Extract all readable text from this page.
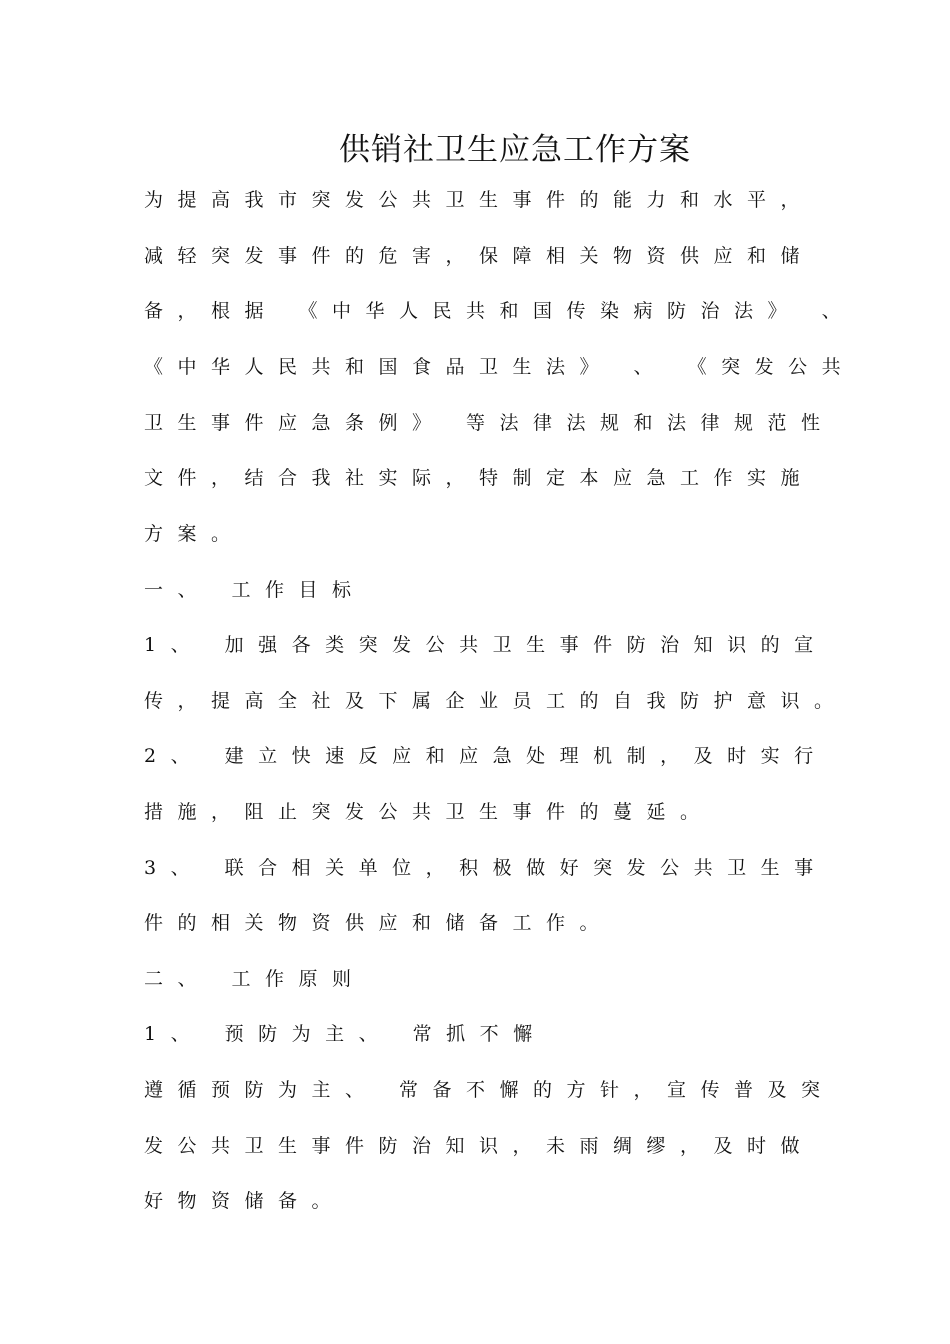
供销社卫生应急工作方案
为提高我市突发公共卫生事件的能力和水平，
减轻突发事件的危害，保障相关物资供应和储
备，根据 《中华人民共和国传染病防治法》 、
《中华人民共和国食品卫生法》 、 《突发公共
卫生事件应急条例》 等法律法规和法律规范性
文件，结合我社实际，特制定本应急工作实施
方案。
一、 工作目标
1、 加强各类突发公共卫生事件防治知识的宣
传，提高全社及下属企业员工的自我防护意识。
2、 建立快速反应和应急处理机制，及时实行
措施，阻止突发公共卫生事件的蔓延。
3、 联合相关单位，积极做好突发公共卫生事
件的相关物资供应和储备工作。
二、 工作原则
1、 预防为主、 常抓不懈
遵循预防为主、 常备不懈的方针，宣传普及突
发公共卫生事件防治知识，未雨绸缪，及时做
好物资储备。
